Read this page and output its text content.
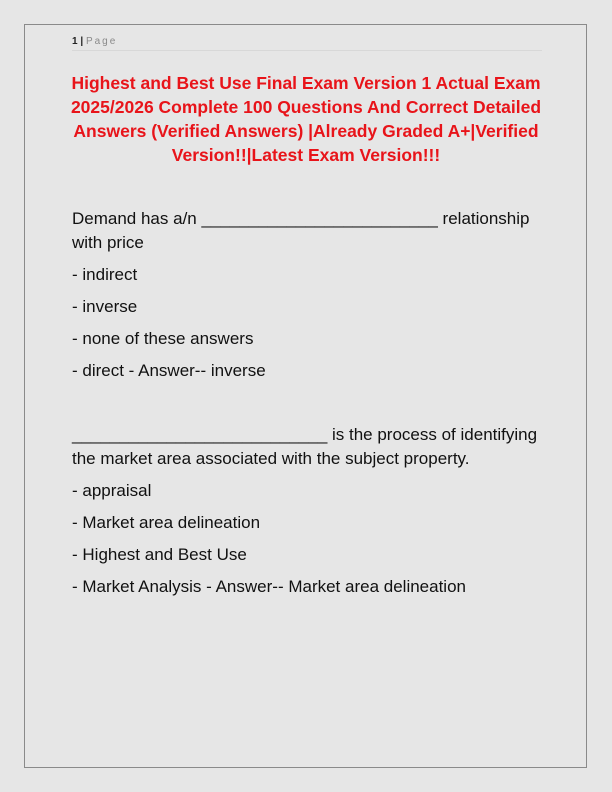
1 | Page
Highest and Best Use Final Exam Version 1 Actual Exam 2025/2026 Complete 100 Questions And Correct Detailed Answers (Verified Answers) |Already Graded A+|Verified Version!!|Latest Exam Version!!!

Demand has a/n _________________________ relationship with price

- indirect

- inverse

- none of these answers

- direct - Answer-- inverse

___________________________ is the process of identifying the market area associated with the subject property.

- appraisal

- Market area delineation

- Highest and Best Use

- Market Analysis - Answer-- Market area delineation
